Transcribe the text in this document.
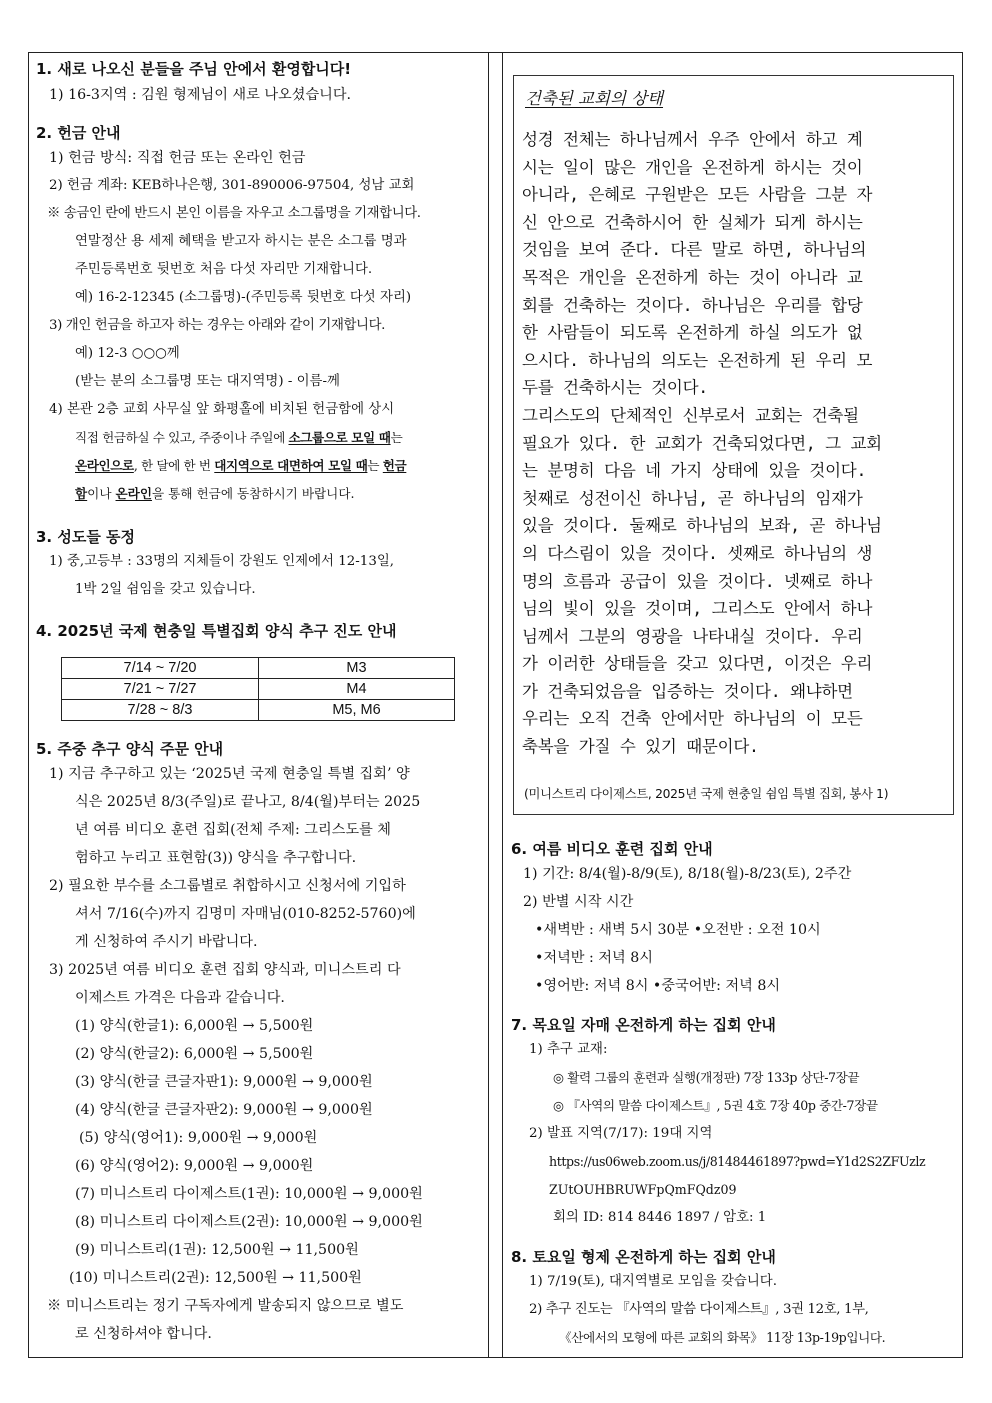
1. 새로 나오신 분들을 주님 안에서 환영합니다!
1) 16-3지역 : 김원 형제님이 새로 나오셨습니다.
2. 헌금 안내
1) 헌금 방식: 직접 헌금 또는 온라인 헌금
2) 헌금 계좌: KEB하나은행, 301-890006-97504, 성남 교회
※ 송금인 란에 반드시 본인 이름을 자우고 소그룹명을 기재합니다.
연말정산 용 세제 혜택을 받고자 하시는 분은 소그룹 명과
주민등록번호 뒷번호 처음 다섯 자리만 기재합니다.
예) 16-2-12345 (소그룹명)-(주민등록 뒷번호 다섯 자리)
3) 개인 헌금을 하고자 하는 경우는 아래와 같이 기재합니다.
예) 12-3 ○○○께
(받는 분의 소그룹명 또는 대지역명) - 이름-께
4) 본관 2층 교회 사무실 앞 화평홀에 비치된 헌금함에 상시
직접 헌금하실 수 있고, 주중이나 주일에 소그룹으로 모일 때는
온라인으로, 한 달에 한 번 대지역으로 대면하여 모일 때는 헌금
함이나 온라인을 통해 헌금에 동참하시기 바랍니다.
3. 성도들 동정
1) 중,고등부 : 33명의 지체들이 강원도 인제에서 12-13일,
1박 2일 쉼임을 갖고 있습니다.
4. 2025년 국제 현충일 특별집회 양식 추구 진도 안내
7/14 ~ 7/20	M3
7/21 ~ 7/27	M4
7/28 ~ 8/3	M5, M6
5. 주중 추구 양식 주문 안내
1) 지금 추구하고 있는 ‘2025년 국제 현충일 특별 집회’ 양
식은 2025년 8/3(주일)로 끝나고, 8/4(월)부터는 2025
년 여름 비디오 훈련 집회(전체 주제: 그리스도를 체
험하고 누리고 표현함(3)) 양식을 추구합니다.
2) 필요한 부수를 소그룹별로 취합하시고 신청서에 기입하
셔서 7/16(수)까지 김명미 자매님(010-8252-5760)에
게 신청하여 주시기 바랍니다.
3) 2025년 여름 비디오 훈련 집회 양식과, 미니스트리 다
이제스트 가격은 다음과 같습니다.
(1) 양식(한글1): 6,000원 → 5,500원
(2) 양식(한글2): 6,000원 → 5,500원
(3) 양식(한글 큰글자판1): 9,000원 → 9,000원
(4) 양식(한글 큰글자판2): 9,000원 → 9,000원
(5) 양식(영어1): 9,000원 → 9,000원
(6) 양식(영어2): 9,000원 → 9,000원
(7) 미니스트리 다이제스트(1권): 10,000원 → 9,000원
(8) 미니스트리 다이제스트(2권): 10,000원 → 9,000원
(9) 미니스트리(1권): 12,500원 → 11,500원
(10) 미니스트리(2권): 12,500원 → 11,500원
※ 미니스트리는 정기 구독자에게 발송되지 않으므로 별도
로 신청하셔야 합니다.
건축된 교회의 상태
성경 전체는 하나님께서 우주 안에서 하고 계
시는 일이 많은 개인을 온전하게 하시는 것이
아니라, 은혜로 구원받은 모든 사람을 그분 자
신 안으로 건축하시어 한 실체가 되게 하시는
것임을 보여 준다. 다른 말로 하면, 하나님의
목적은 개인을 온전하게 하는 것이 아니라 교
회를 건축하는 것이다. 하나님은 우리를 합당
한 사람들이 되도록 온전하게 하실 의도가 없
으시다. 하나님의 의도는 온전하게 된 우리 모
두를 건축하시는 것이다.
그리스도의 단체적인 신부로서 교회는 건축될
필요가 있다. 한 교회가 건축되었다면, 그 교회
는 분명히 다음 네 가지 상태에 있을 것이다.
첫째로 성전이신 하나님, 곧 하나님의 임재가
있을 것이다. 둘째로 하나님의 보좌, 곧 하나님
의 다스림이 있을 것이다. 셋째로 하나님의 생
명의 흐름과 공급이 있을 것이다. 넷째로 하나
님의 빛이 있을 것이며, 그리스도 안에서 하나
님께서 그분의 영광을 나타내실 것이다. 우리
가 이러한 상태들을 갖고 있다면, 이것은 우리
가 건축되었음을 입증하는 것이다. 왜냐하면
우리는 오직 건축 안에서만 하나님의 이 모든
축복을 가질 수 있기 때문이다.
(미니스트리 다이제스트, 2025년 국제 현충일 쉼임 특별 집회, 봉사 1)
6. 여름 비디오 훈련 집회 안내
1) 기간: 8/4(월)-8/9(토), 8/18(월)-8/23(토), 2주간
2) 반별 시작 시간
•새벽반 : 새벽 5시 30분 •오전반 : 오전 10시
•저녁반 : 저녁 8시
•영어반: 저녁 8시 •중국어반: 저녁 8시
7. 목요일 자매 온전하게 하는 집회 안내
1) 추구 교재:
◎ 활력 그룹의 훈련과 실행(개정판) 7장 133p 상단-7장끝
◎ 『사역의 말씀 다이제스트』, 5권 4호 7장 40p 중간-7장끝
2) 발표 지역(7/17): 19대 지역
https://us06web.zoom.us/j/81484461897?pwd=Y1d2S2ZFUzlz
ZUtOUHBRUWFpQmFQdz09
회의 ID: 814 8446 1897 / 암호: 1
8. 토요일 형제 온전하게 하는 집회 안내
1) 7/19(토), 대지역별로 모임을 갖습니다.
2) 추구 진도는 『사역의 말씀 다이제스트』, 3권 12호, 1부,
《산에서의 모형에 따른 교회의 화목》 11장 13p-19p입니다.
